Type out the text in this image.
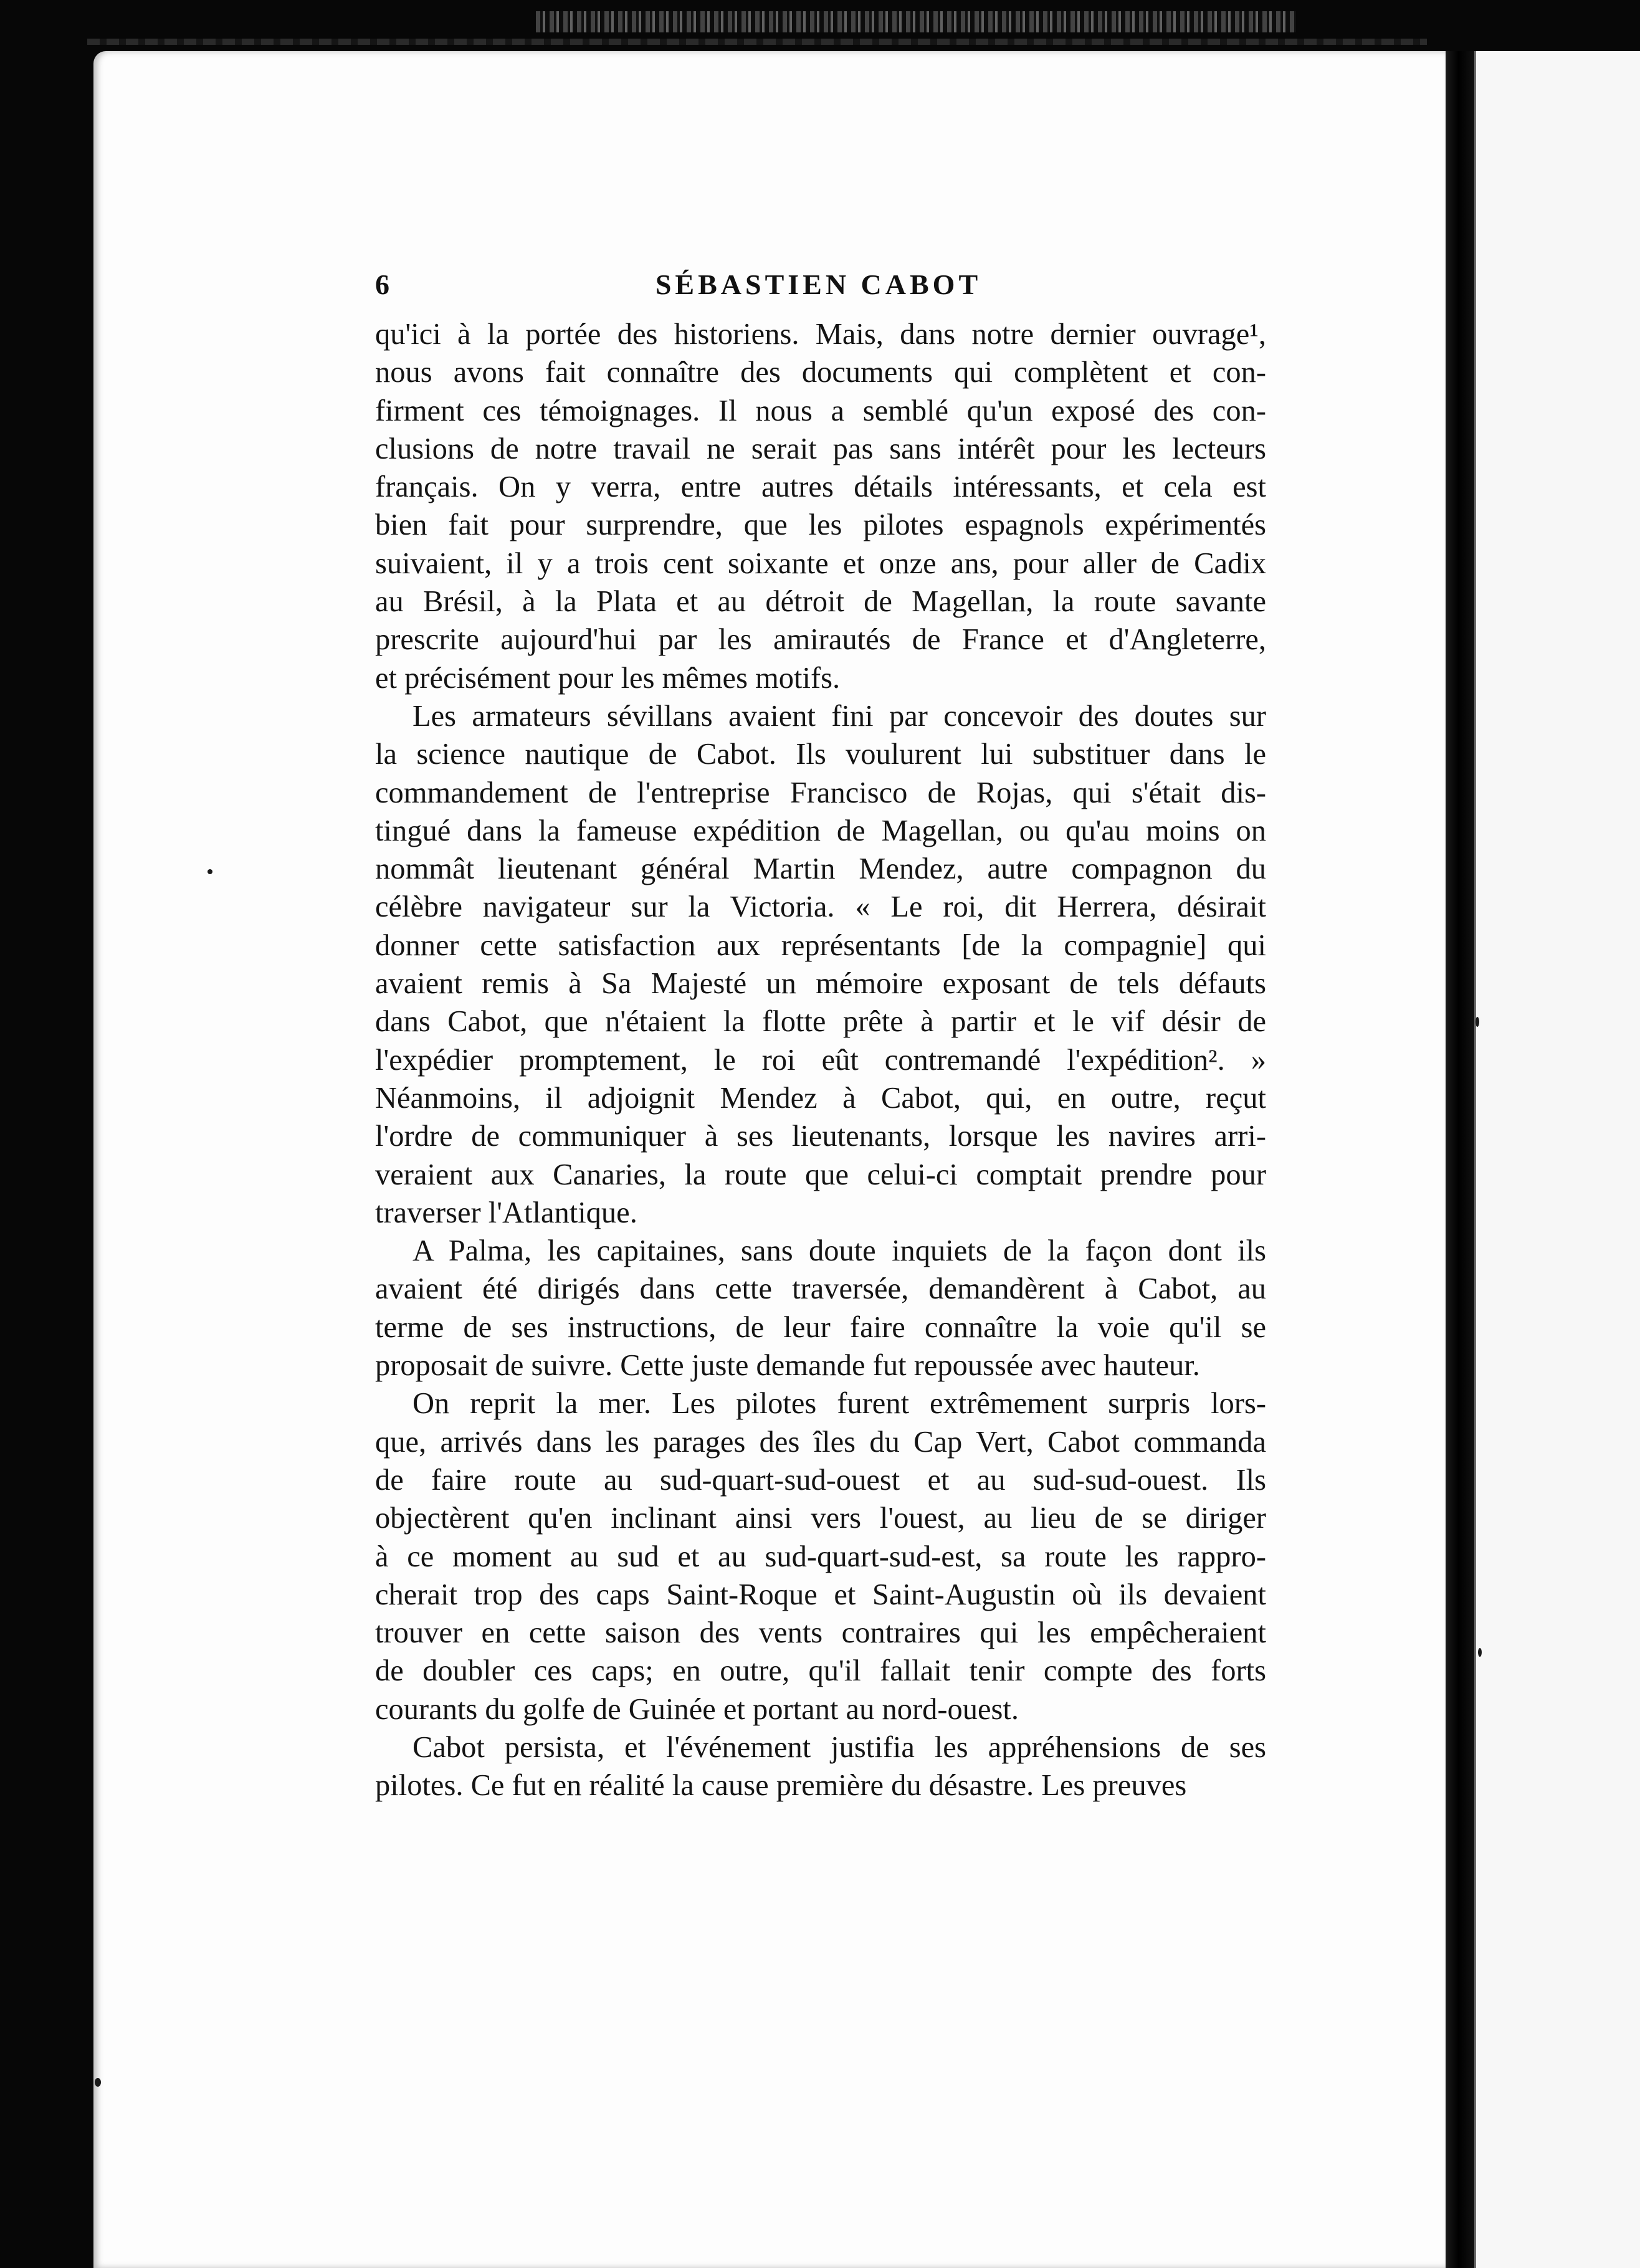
6	SÉBASTIEN CABOT
qu'ici à la portée des historiens. Mais, dans notre dernier ouvrage¹,
nous avons fait connaître des documents qui complètent et con-
firment ces témoignages. Il nous a semblé qu'un exposé des con-
clusions de notre travail ne serait pas sans intérêt pour les lecteurs
français. On y verra, entre autres détails intéressants, et cela est
bien fait pour surprendre, que les pilotes espagnols expérimentés
suivaient, il y a trois cent soixante et onze ans, pour aller de Cadix
au Brésil, à la Plata et au détroit de Magellan, la route savante
prescrite aujourd'hui par les amirautés de France et d'Angleterre,
et précisément pour les mêmes motifs.
Les armateurs sévillans avaient fini par concevoir des doutes sur
la science nautique de Cabot. Ils voulurent lui substituer dans le
commandement de l'entreprise Francisco de Rojas, qui s'était dis-
tingué dans la fameuse expédition de Magellan, ou qu'au moins on
nommât lieutenant général Martin Mendez, autre compagnon du
célèbre navigateur sur la Victoria. « Le roi, dit Herrera, désirait
donner cette satisfaction aux représentants [de la compagnie] qui
avaient remis à Sa Majesté un mémoire exposant de tels défauts
dans Cabot, que n'étaient la flotte prête à partir et le vif désir de
l'expédier promptement, le roi eût contremandé l'expédition². »
Néanmoins, il adjoignit Mendez à Cabot, qui, en outre, reçut
l'ordre de communiquer à ses lieutenants, lorsque les navires arri-
veraient aux Canaries, la route que celui-ci comptait prendre pour
traverser l'Atlantique.
A Palma, les capitaines, sans doute inquiets de la façon dont ils
avaient été dirigés dans cette traversée, demandèrent à Cabot, au
terme de ses instructions, de leur faire connaître la voie qu'il se
proposait de suivre. Cette juste demande fut repoussée avec hauteur.
On reprit la mer. Les pilotes furent extrêmement surpris lors-
que, arrivés dans les parages des îles du Cap Vert, Cabot commanda
de faire route au sud-quart-sud-ouest et au sud-sud-ouest. Ils
objectèrent qu'en inclinant ainsi vers l'ouest, au lieu de se diriger
à ce moment au sud et au sud-quart-sud-est, sa route les rappro-
cherait trop des caps Saint-Roque et Saint-Augustin où ils devaient
trouver en cette saison des vents contraires qui les empêcheraient
de doubler ces caps; en outre, qu'il fallait tenir compte des forts
courants du golfe de Guinée et portant au nord-ouest.
Cabot persista, et l'événement justifia les appréhensions de ses
pilotes. Ce fut en réalité la cause première du désastre. Les preuves
